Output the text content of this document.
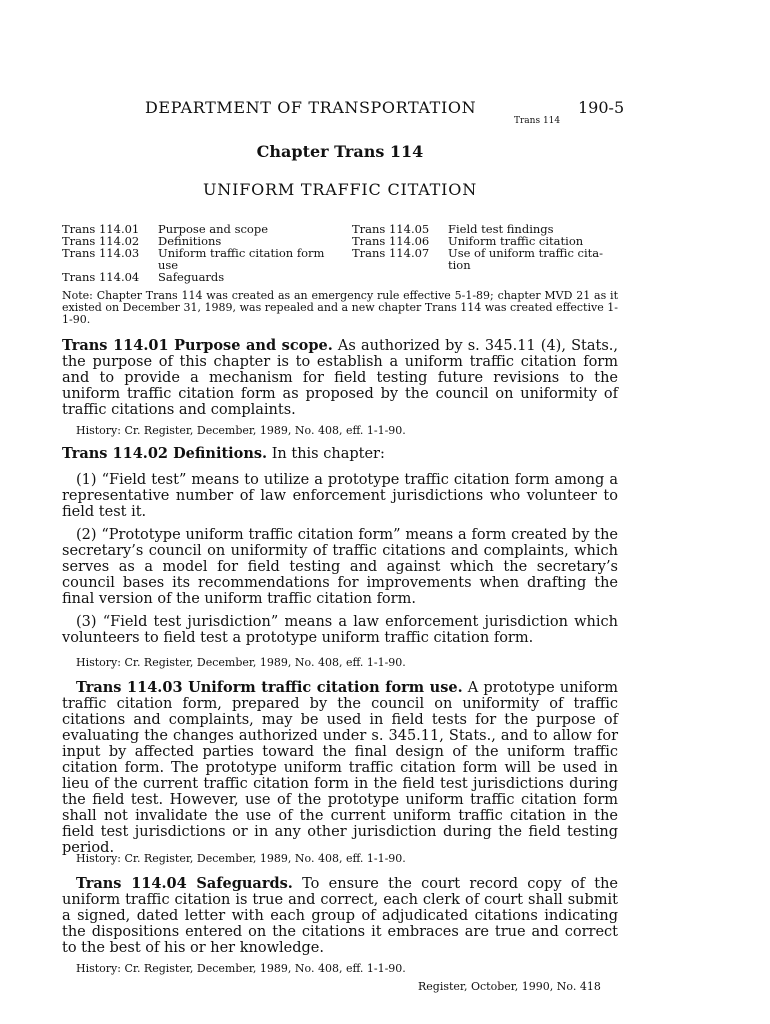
DEPARTMENT OF TRANSPORTATION	190-5
Trans 114
Chapter Trans 114
UNIFORM TRAFFIC CITATION
Trans 114.01 Purpose and scope
Trans 114.02 Definitions
Trans 114.03 Uniform traffic citation form
use
Trans 114.04 Safeguards
Trans 114.05 Field test findings
Trans 114.06 Uniform traffic citation
Trans 114.07 Use of uniform traffic cita-
tion
Note: Chapter Trans 114 was created as an emergency rule effective 5-1-89; chapter MVD 21 as it existed on December 31, 1989, was repealed and a new chapter Trans 114 was created effective 1-1-90.
Trans 114.01 Purpose and scope. As authorized by s. 345.11 (4), Stats., the purpose of this chapter is to establish a uniform traffic citation form and to provide a mechanism for field testing future revisions to the uniform traffic citation form as proposed by the council on uniformity of traffic citations and complaints.
History: Cr. Register, December, 1989, No. 408, eff. 1-1-90.
Trans 114.02 Definitions. In this chapter:
(1) “Field test” means to utilize a prototype traffic citation form among a representative number of law enforcement jurisdictions who volunteer to field test it.
(2) “Prototype uniform traffic citation form” means a form created by the secretary’s council on uniformity of traffic citations and complaints, which serves as a model for field testing and against which the secretary’s council bases its recommendations for improvements when drafting the final version of the uniform traffic citation form.
(3) “Field test jurisdiction” means a law enforcement jurisdiction which volunteers to field test a prototype uniform traffic citation form.
History: Cr. Register, December, 1989, No. 408, eff. 1-1-90.
Trans 114.03 Uniform traffic citation form use. A prototype uniform traffic citation form, prepared by the council on uniformity of traffic citations and complaints, may be used in field tests for the purpose of evaluating the changes authorized under s. 345.11, Stats., and to allow for input by affected parties toward the final design of the uniform traffic citation form. The prototype uniform traffic citation form will be used in lieu of the current traffic citation form in the field test jurisdictions during the field test. However, use of the prototype uniform traffic citation form shall not invalidate the use of the current uniform traffic citation in the field test jurisdictions or in any other jurisdiction during the field testing period.
History: Cr. Register, December, 1989, No. 408, eff. 1-1-90.
Trans 114.04 Safeguards. To ensure the court record copy of the uniform traffic citation is true and correct, each clerk of court shall submit a signed, dated letter with each group of adjudicated citations indicating the dispositions entered on the citations it embraces are true and correct to the best of his or her knowledge.
History: Cr. Register, December, 1989, No. 408, eff. 1-1-90.
Register, October, 1990, No. 418
